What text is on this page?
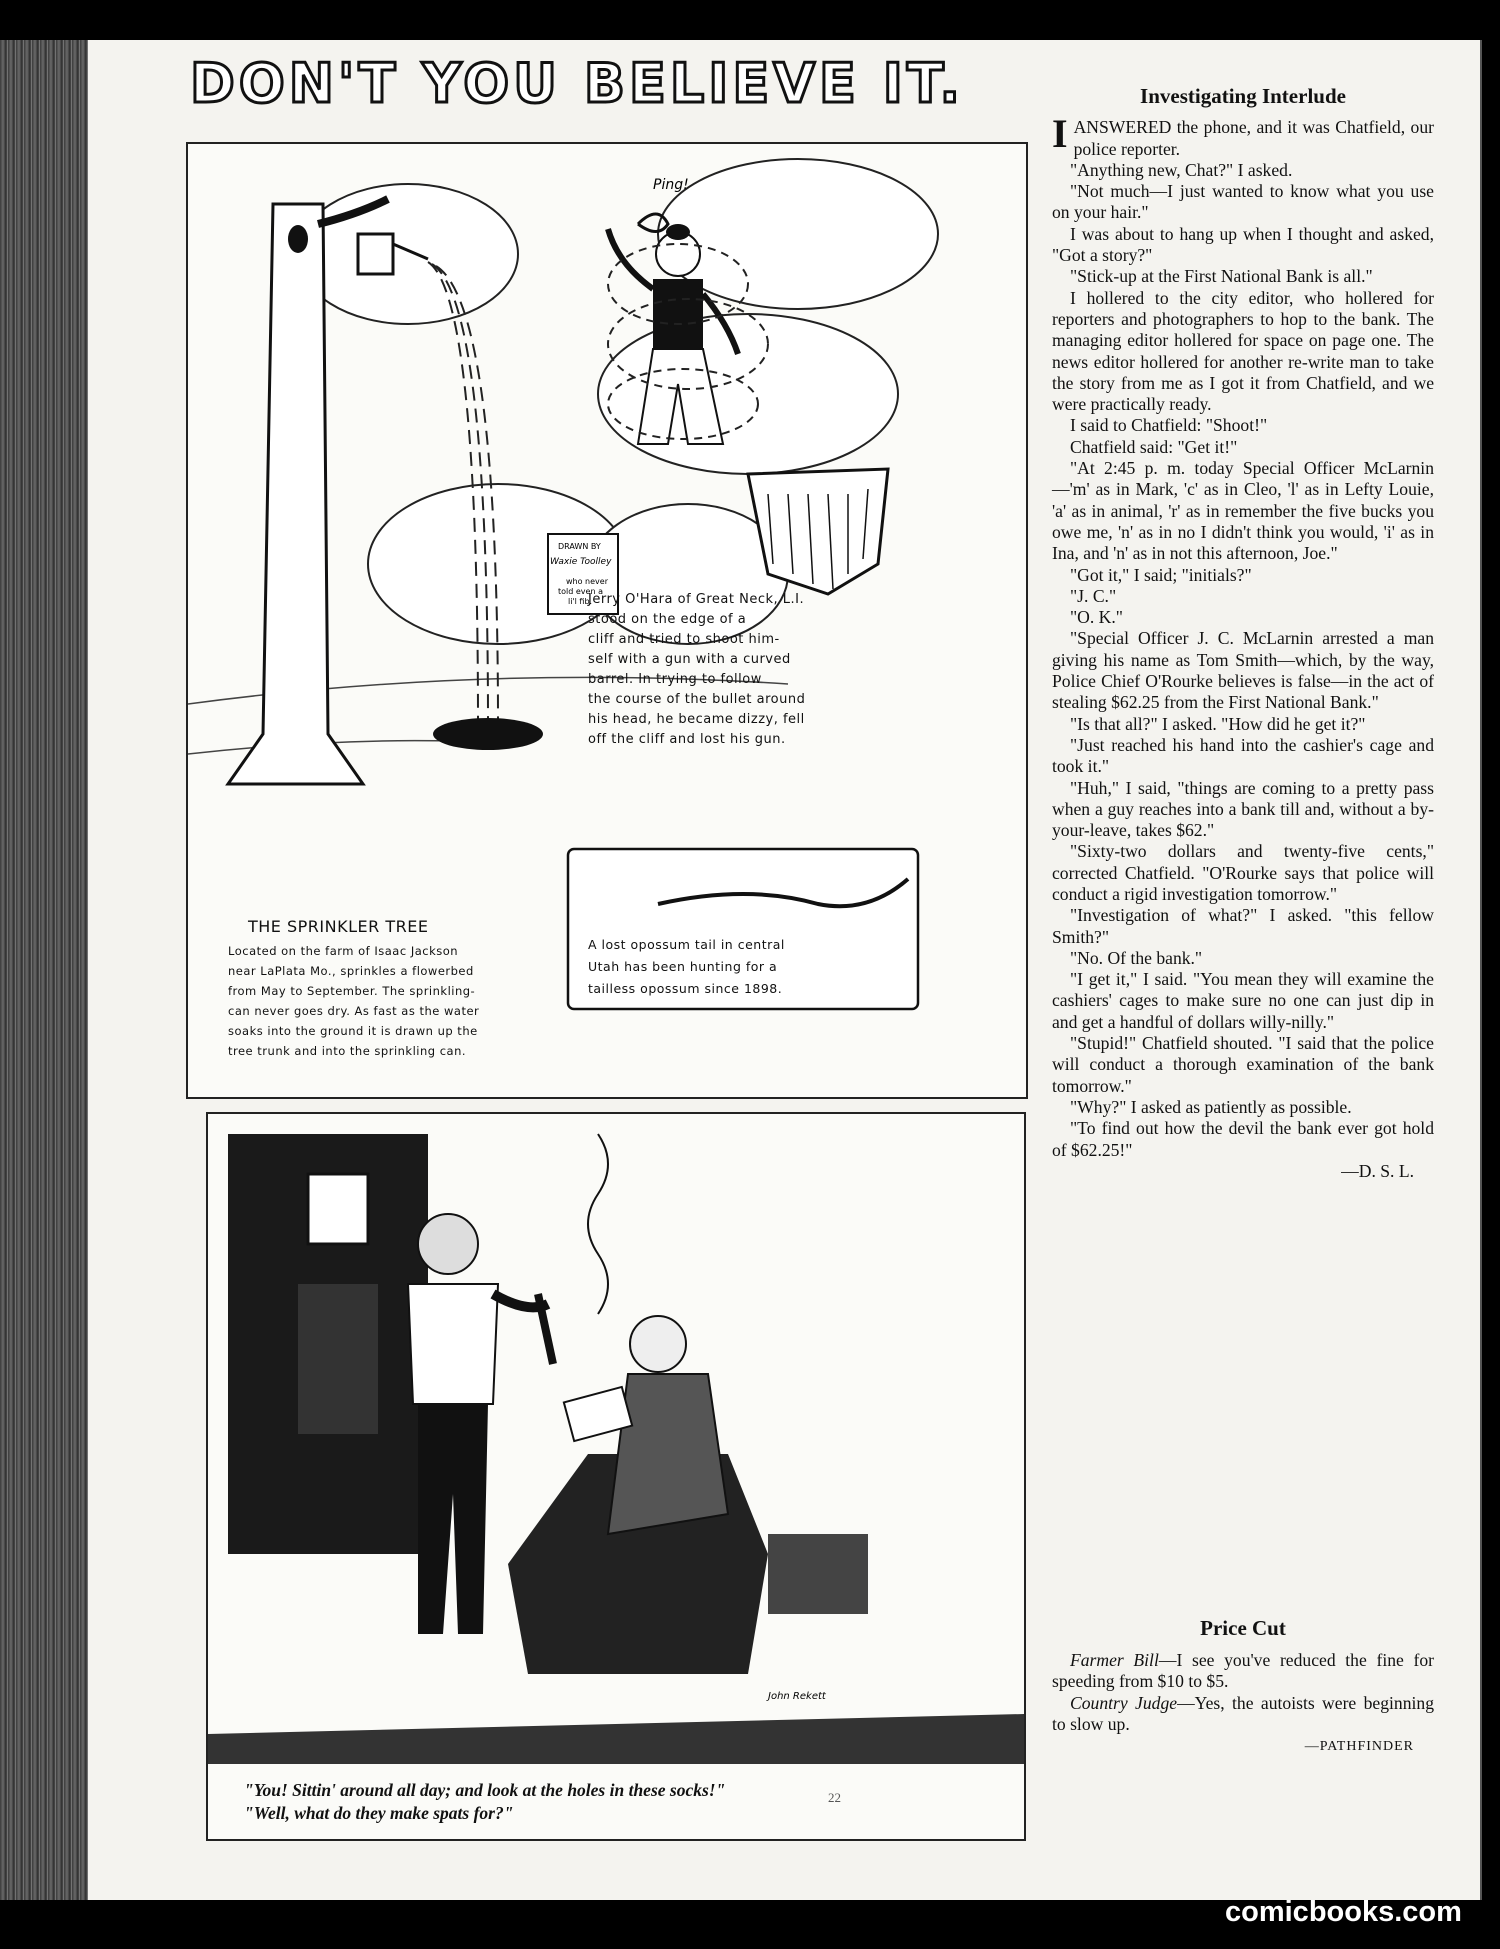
DON'T YOU BELIEVE IT.
Ping!
DRAWN BY
Waxie Toolley
who never
told even a
li'l fib.
Jerry O'Hara of Great Neck, L.I.
stood on the edge of a
cliff and tried to shoot him-
self with a gun with a curved
barrel. In trying to follow
the course of the bullet around
his head, he became dizzy, fell
off the cliff and lost his gun.
THE SPRINKLER TREE
Located on the farm of Isaac Jackson
near LaPlata Mo., sprinkles a flowerbed
from May to September. The sprinkling-
can never goes dry. As fast as the water
soaks into the ground it is drawn up the
tree trunk and into the sprinkling can.
A lost opossum tail in central
Utah has been hunting for a
tailless opossum since 1898.
John Rekett
"You! Sittin' around all day; and look at the holes in these socks!"
"Well, what do they make spats for?"
Investigating Interlude

IANSWERED the phone, and it was Chatfield, our police reporter.

"Anything new, Chat?" I asked.

"Not much—I just wanted to know what you use on your hair."

I was about to hang up when I thought and asked, "Got a story?"

"Stick-up at the First National Bank is all."

I hollered to the city editor, who hollered for reporters and photographers to hop to the bank. The managing editor hollered for space on page one. The news editor hollered for another re-write man to take the story from me as I got it from Chatfield, and we were practically ready.

I said to Chatfield: "Shoot!"

Chatfield said: "Get it!"

"At 2:45 p. m. today Special Officer McLarnin—'m' as in Mark, 'c' as in Cleo, 'l' as in Lefty Louie, 'a' as in animal, 'r' as in remember the five bucks you owe me, 'n' as in no I didn't think you would, 'i' as in Ina, and 'n' as in not this afternoon, Joe."

"Got it," I said; "initials?"

"J. C."

"O. K."

"Special Officer J. C. McLarnin arrested a man giving his name as Tom Smith—which, by the way, Police Chief O'Rourke believes is false—in the act of stealing $62.25 from the First National Bank."

"Is that all?" I asked. "How did he get it?"

"Just reached his hand into the cashier's cage and took it."

"Huh," I said, "things are coming to a pretty pass when a guy reaches into a bank till and, without a by-your-leave, takes $62."

"Sixty-two dollars and twenty-five cents," corrected Chatfield. "O'Rourke says that police will conduct a rigid investigation tomorrow."

"Investigation of what?" I asked. "this fellow Smith?"

"No. Of the bank."

"I get it," I said. "You mean they will examine the cashiers' cages to make sure no one can just dip in and get a handful of dollars willy-nilly."

"Stupid!" Chatfield shouted. "I said that the police will conduct a thorough examination of the bank tomorrow."

"Why?" I asked as patiently as possible.

"To find out how the devil the bank ever got hold of $62.25!"

—D. S. L.

Price Cut

Farmer Bill—I see you've reduced the fine for speeding from $10 to $5.

Country Judge—Yes, the autoists were beginning to slow up.

—PATHFINDER

22
comicbooks.com
